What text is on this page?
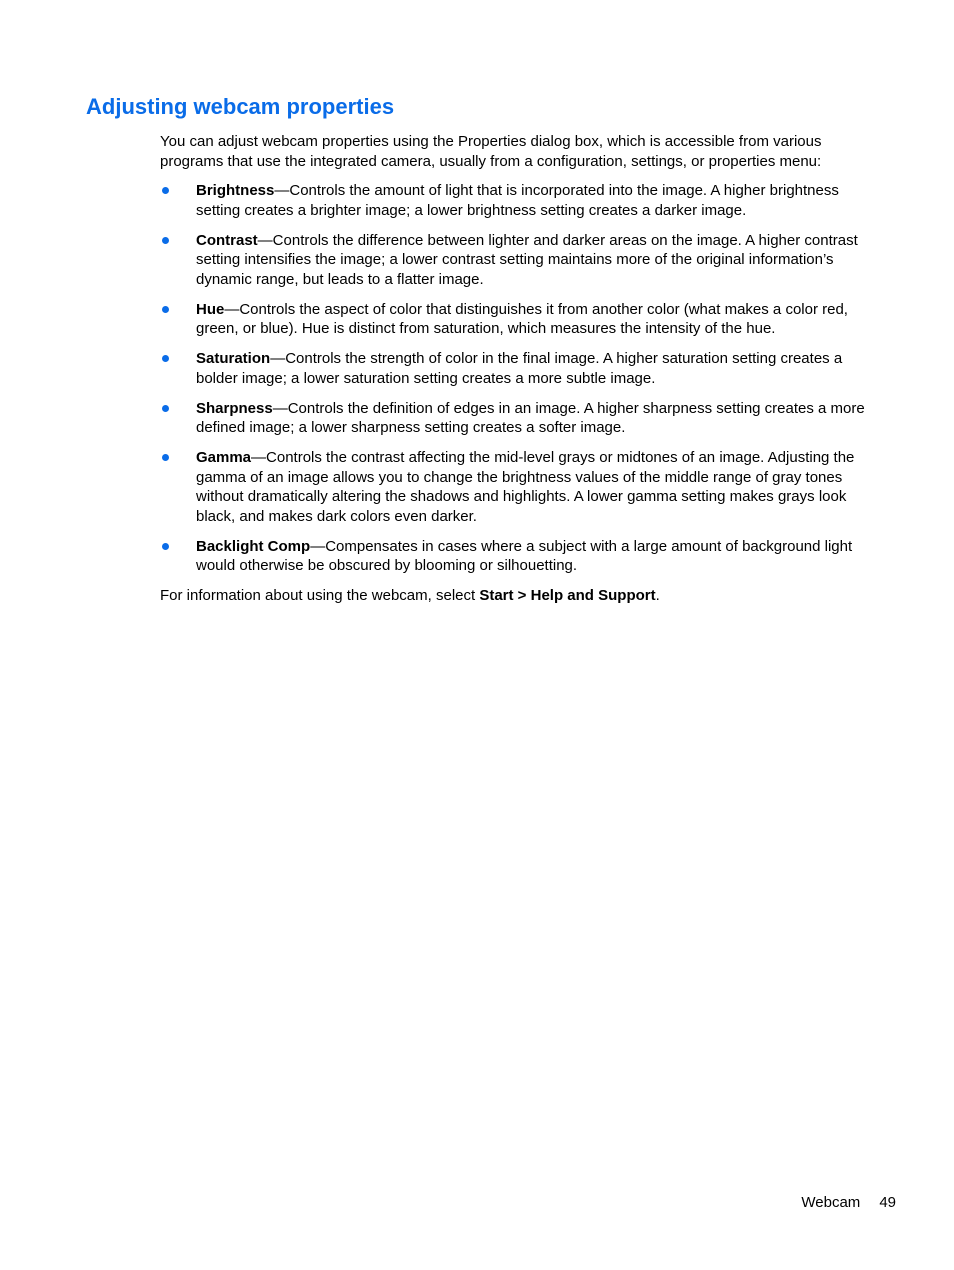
Adjusting webcam properties

You can adjust webcam properties using the Properties dialog box, which is accessible from various programs that use the integrated camera, usually from a configuration, settings, or properties menu:

Brightness—Controls the amount of light that is incorporated into the image. A higher brightness setting creates a brighter image; a lower brightness setting creates a darker image.
Contrast—Controls the difference between lighter and darker areas on the image. A higher contrast setting intensifies the image; a lower contrast setting maintains more of the original information’s dynamic range, but leads to a flatter image.
Hue—Controls the aspect of color that distinguishes it from another color (what makes a color red, green, or blue). Hue is distinct from saturation, which measures the intensity of the hue.
Saturation—Controls the strength of color in the final image. A higher saturation setting creates a bolder image; a lower saturation setting creates a more subtle image.
Sharpness—Controls the definition of edges in an image. A higher sharpness setting creates a more defined image; a lower sharpness setting creates a softer image.
Gamma—Controls the contrast affecting the mid-level grays or midtones of an image. Adjusting the gamma of an image allows you to change the brightness values of the middle range of gray tones without dramatically altering the shadows and highlights. A lower gamma setting makes grays look black, and makes dark colors even darker.
Backlight Comp—Compensates in cases where a subject with a large amount of background light would otherwise be obscured by blooming or silhouetting.

For information about using the webcam, select Start > Help and Support.

Webcam 49
